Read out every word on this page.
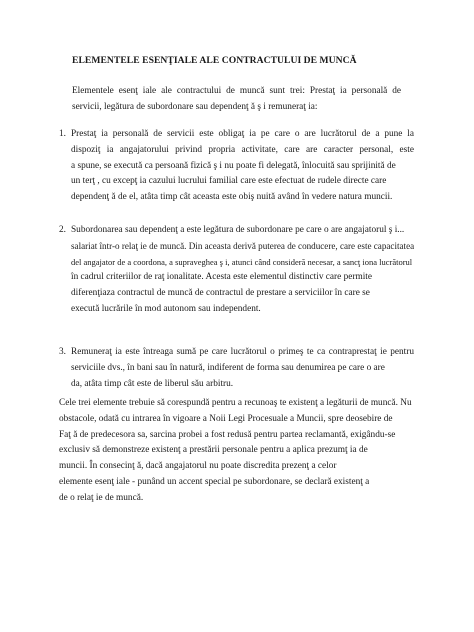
ELEMENTELE ESENŢIALE ALE CONTRACTULUI DE MUNCĂ
Elementele esenţ iale ale contractului de muncă sunt trei: Prestaţ ia personală de
servicii, legătura de subordonare sau dependenţ ă ş i remuneraţ ia:
1. Prestaţ ia personală de servicii este obligaţ ia pe care o are lucrătorul de a pune la
dispoziţ ia angajatorului privind propria activitate, care are caracter personal, este
a spune, se execută ca persoană fizică ş i nu poate fi delegată, înlocuită sau sprijinită de
un terţ , cu excepţ ia cazului lucrului familial care este efectuat de rudele directe care
dependenţ ă de el, atâta timp cât aceasta este obiş nuită având în vedere natura muncii.
2. Subordonarea sau dependenţ a este legătura de subordonare pe care o are angajatorul ş i...
salariat într-o relaţ ie de muncă. Din aceasta derivă puterea de conducere, care este capacitatea
del angajator de a coordona, a supraveghea ş i, atunci când consideră necesar, a sancţ iona lucrătorul
în cadrul criteriilor de raţ ionalitate. Acesta este elementul distinctiv care permite
diferenţiaza contractul de muncă de contractul de prestare a serviciilor în care se
execută lucrările în mod autonom sau independent.
3. Remuneraţ ia este întreaga sumă pe care lucrătorul o primeş te ca contraprestaţ ie pentru
serviciile dvs., în bani sau în natură, indiferent de forma sau denumirea pe care o are
da, atâta timp cât este de liberul său arbitru.
Cele trei elemente trebuie să corespundă pentru a recunoaş te existenţ a legăturii de muncă. Nu
obstacole, odată cu intrarea în vigoare a Noii Legi Procesuale a Muncii, spre deosebire de
Faţ ă de predecesora sa, sarcina probei a fost redusă pentru partea reclamantă, exigându-se
exclusiv să demonstreze existenţ a prestării personale pentru a aplica prezumţ ia de
muncii. În consecinţ ă, dacă angajatorul nu poate discredita prezenţ a celor
elemente esenţ iale - punând un accent special pe subordonare, se declară existenţ a
de o relaţ ie de muncă.
